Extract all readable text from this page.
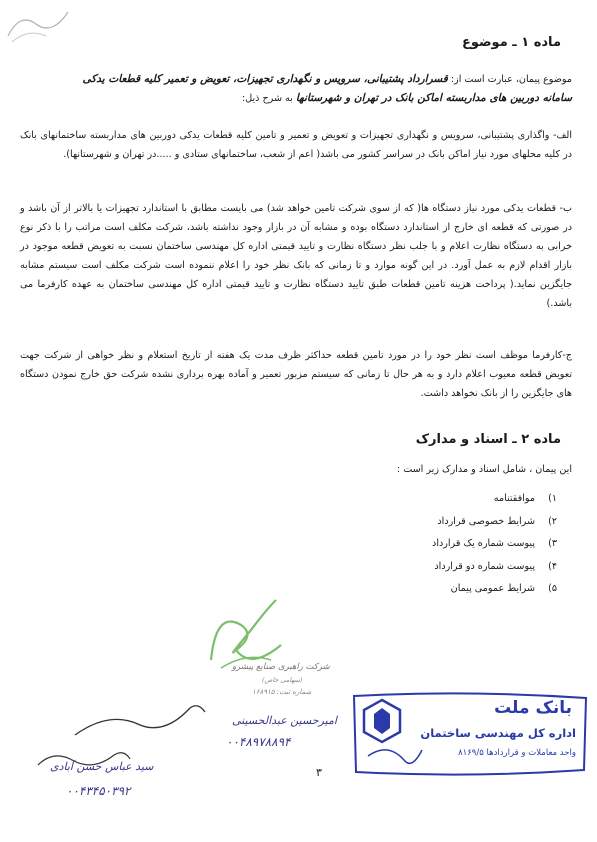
ماده ۱ ـ موضوع
موضوع پیمان، عبارت است از: قسرارداد پشتیبانی، سرویس و نگهداری تجهیزات، تعویض و تعمیر کلیه قطعات یدکی
سامانه دوربین های مداربسته اماکن بانک در تهران و شهرستانها به شرح ذیل:
الف- واگذاری پشتیبانی، سرویس و نگهداری تجهیزات و تعویض و تعمیر و تامین کلیه قطعات یدکی دوربین های مداربسته ساختمانهای بانک در کلیه محلهای مورد نیاز اماکن بانک در سراسر کشور می باشد( اعم از شعب، ساختمانهای ستادی و .....در تهران و شهرستانها).
ب- قطعات یدکی مورد نیاز دستگاه ها( که از سوی شرکت تامین خواهد شد) می بایست مطابق با استاندارد تجهیزات یا بالاتر از آن باشد و در صورتی که قطعه ای خارج از استاندارد دستگاه بوده و مشابه آن در بازار وجود نداشته باشد، شرکت مکلف است مراتب را با ذکر نوع خرابی به دستگاه نظارت اعلام و با جلب نظر دستگاه نظارت و تایید قیمتی اداره کل مهندسی ساختمان نسبت به تعویض قطعه موجود در بازار اقدام لازم به عمل آورد. در این گونه موارد و تا زمانی که بانک نظر خود را اعلام ننموده است شرکت مکلف است سیستم مشابه جایگزین نماید.( پرداخت هزینه تامین قطعات طبق تایید دستگاه نظارت و تایید قیمتی اداره کل مهندسی ساختمان به عهده کارفرما می باشد.)
ج-کارفرما موظف است نظر خود را در مورد تامین قطعه حداکثر ظرف مدت یک هفته از تاریخ استعلام و نظر خواهی از شرکت جهت تعویض قطعه معیوب اعلام دارد و به هر حال تا زمانی که سیستم مزبور تعمیر و آماده بهره برداری نشده شرکت حق خارج نمودن دستگاه های جایگزین را از بانک نخواهد داشت.
ماده ۲ ـ اسناد و مدارک
این پیمان ، شامل اسناد و مدارک زیر است :
۱)
موافقتنامه
۲)
شرایط خصوصی قرارداد
۳)
پیوست شماره یک قرارداد
۴)
پیوست شماره دو قرارداد
۵)
شرایط عمومی پیمان
شرکت راهبری صنایع پیشرو
(سهامی خاص)
شماره ثبت: ۱۶۸۹۱۵
امیرحسین عبدالحسینی
۰۰۴۸۹۷۸۸۹۴
سید عباس حسن آبادی
۰۰۴۳۴۵۰۳۹۲
بانک ملت
اداره کل مهندسی ساختمان
واحد معاملات و قراردادها ۸۱۶۹/۵
۳
